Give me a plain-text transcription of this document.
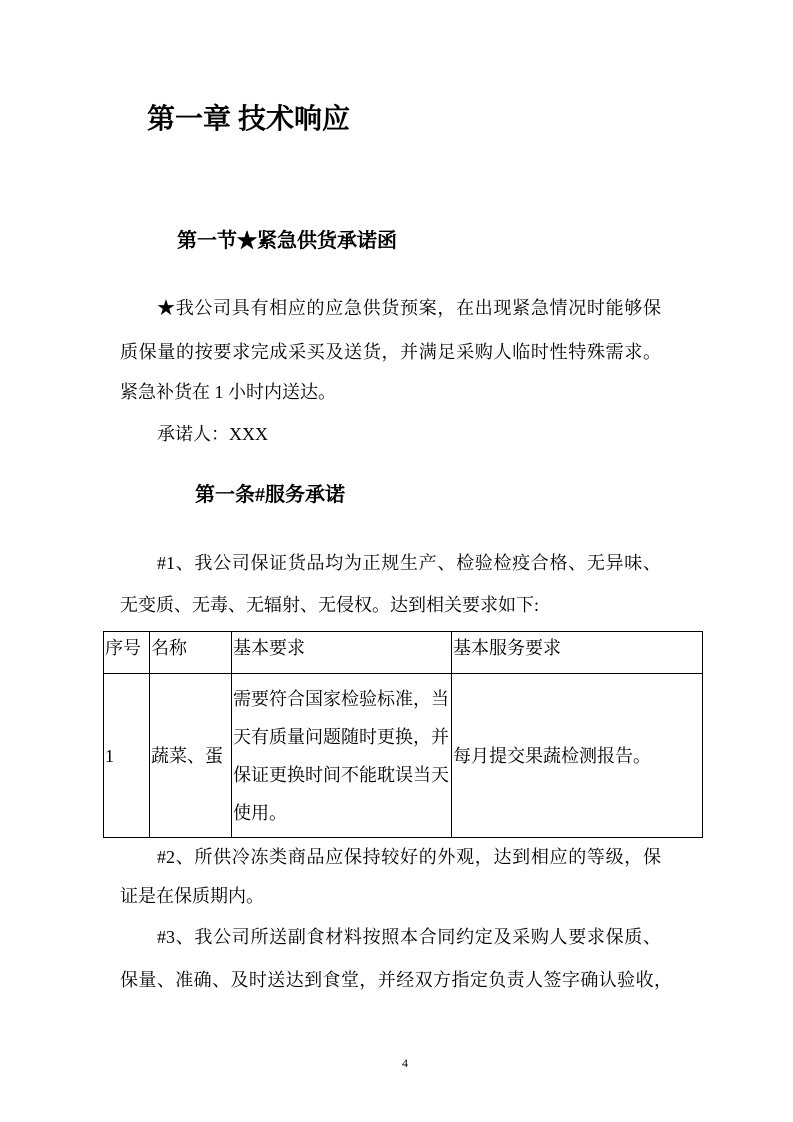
第一章 技术响应
第一节★紧急供货承诺函
★我公司具有相应的应急供货预案，在出现紧急情况时能够保
质保量的按要求完成采买及送货，并满足采购人临时性特殊需求。
紧急补货在 1 小时内送达。
承诺人：XXX
第一条#服务承诺
#1、我公司保证货品均为正规生产、检验检疫合格、无异味、
无变质、无毒、无辐射、无侵权。达到相关要求如下:
序号	名称	基本要求	基本服务要求
1	蔬菜、蛋	需要符合国家检验标准，当天有质量问题随时更换，并保证更换时间不能耽误当天使用。	每月提交果蔬检测报告。
#2、所供冷冻类商品应保持较好的外观，达到相应的等级，保
证是在保质期内。
#3、我公司所送副食材料按照本合同约定及采购人要求保质、
保量、准确、及时送达到食堂，并经双方指定负责人签字确认验收，
4
